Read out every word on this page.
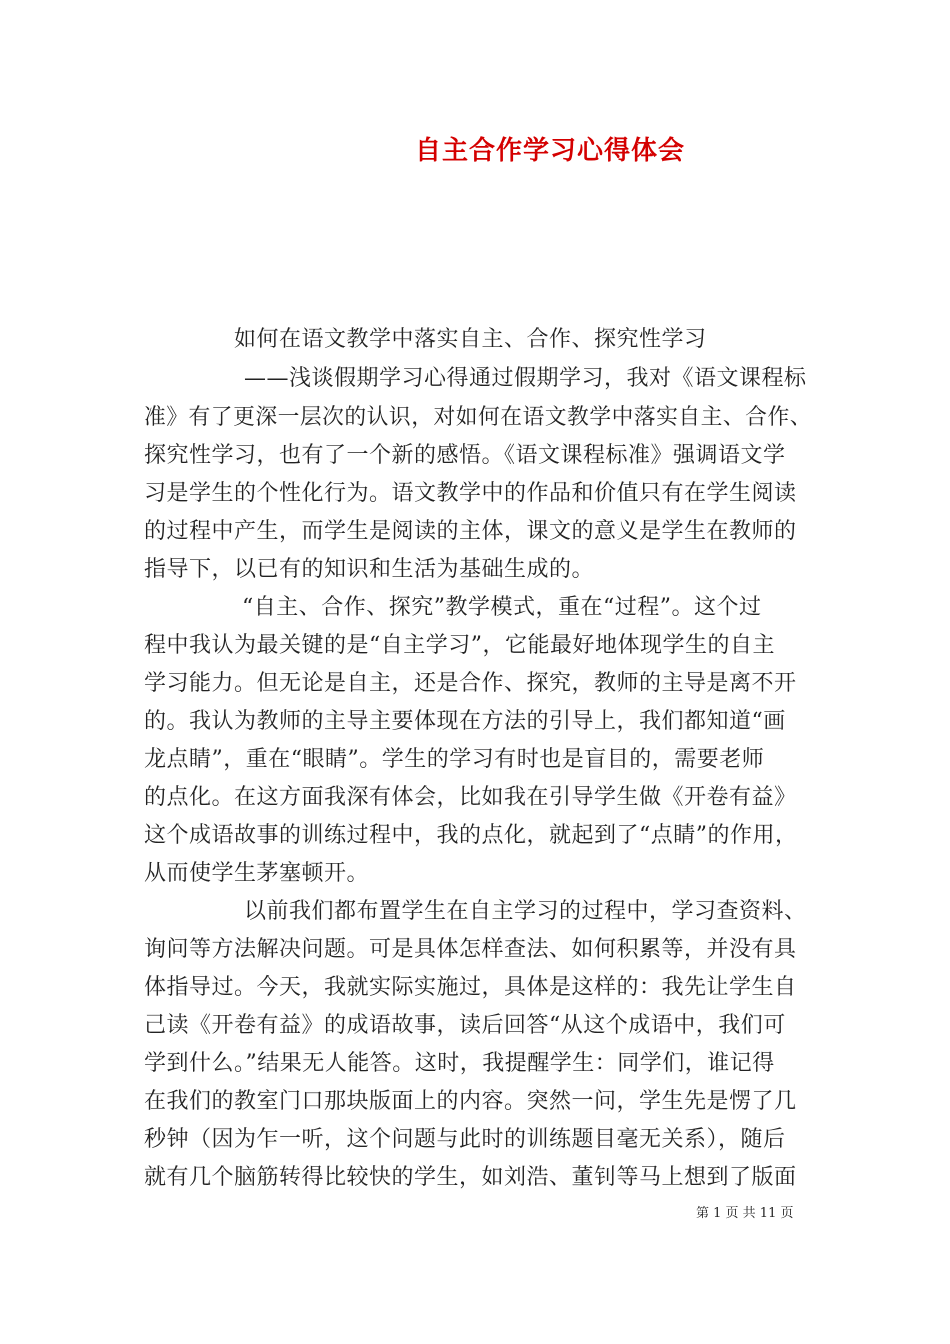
自主合作学习心得体会
如何在语文教学中落实自主、合作、探究性学习
——浅谈假期学习心得通过假期学习，我对《语文课程标
准》有了更深一层次的认识，对如何在语文教学中落实自主、合作、
探究性学习，也有了一个新的感悟。《语文课程标准》强调语文学
习是学生的个性化行为。语文教学中的作品和价值只有在学生阅读
的过程中产生，而学生是阅读的主体，课文的意义是学生在教师的
指导下，以已有的知识和生活为基础生成的。
“自主、合作、探究”教学模式，重在“过程”。这个过
程中我认为最关键的是“自主学习”，它能最好地体现学生的自主
学习能力。但无论是自主，还是合作、探究，教师的主导是离不开
的。我认为教师的主导主要体现在方法的引导上，我们都知道“画
龙点睛”，重在“眼睛”。学生的学习有时也是盲目的，需要老师
的点化。在这方面我深有体会，比如我在引导学生做《开卷有益》
这个成语故事的训练过程中，我的点化，就起到了“点睛”的作用，
从而使学生茅塞顿开。
以前我们都布置学生在自主学习的过程中，学习查资料、
询问等方法解决问题。可是具体怎样查法、如何积累等，并没有具
体指导过。今天，我就实际实施过，具体是这样的：我先让学生自
己读《开卷有益》的成语故事，读后回答“从这个成语中，我们可
学到什么。”结果无人能答。这时，我提醒学生：同学们，谁记得
在我们的教室门口那块版面上的内容。突然一问，学生先是愣了几
秒钟（因为乍一听，这个问题与此时的训练题目毫无关系），随后
就有几个脑筋转得比较快的学生，如刘浩、董钊等马上想到了版面
第 1 页 共 11 页
